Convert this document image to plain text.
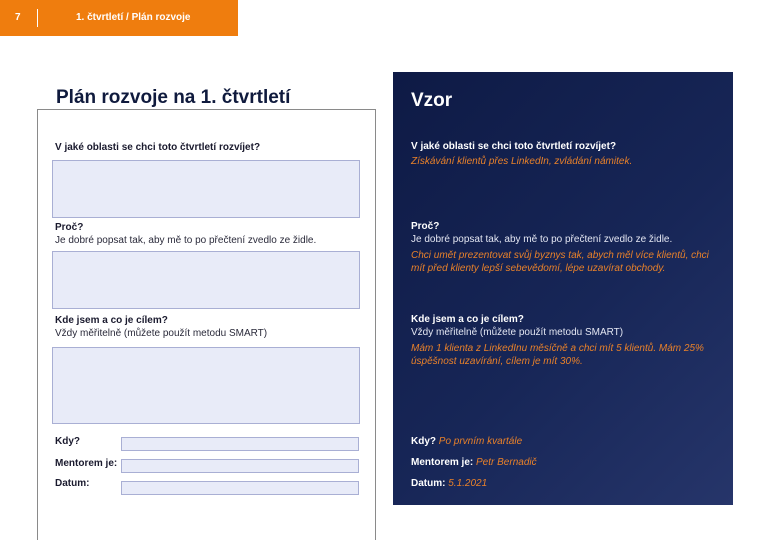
7	1. čtvrtletí / Plán rozvoje
Plán rozvoje na 1. čtvrtletí
V jaké oblasti se chci toto čtvrtletí rozvíjet?
Proč?
Je dobré popsat tak, aby mě to po přečtení zvedlo ze židle.
Kde jsem a co je cílem?
Vždy měřitelně (můžete použít metodu SMART)
Kdy?
Mentorem je:
Datum:
Vzor
V jaké oblasti se chci toto čtvrtletí rozvíjet?
Získávání klientů přes LinkedIn, zvládání námitek.
Proč?
Je dobré popsat tak, aby mě to po přečtení zvedlo ze židle.
Chci umět prezentovat svůj byznys tak, abych měl více klientů, chci mít před klienty lepší sebevědomí, lépe uzavírat obchody.
Kde jsem a co je cílem?
Vždy měřitelně (můžete použít metodu SMART)
Mám 1 klienta z LinkedInu měsíčně a chci mít 5 klientů. Mám 25% úspěšnost uzavírání, cílem je mít 30%.
Kdy? Po prvním kvartále
Mentorem je: Petr Bernadič
Datum: 5.1.2021
